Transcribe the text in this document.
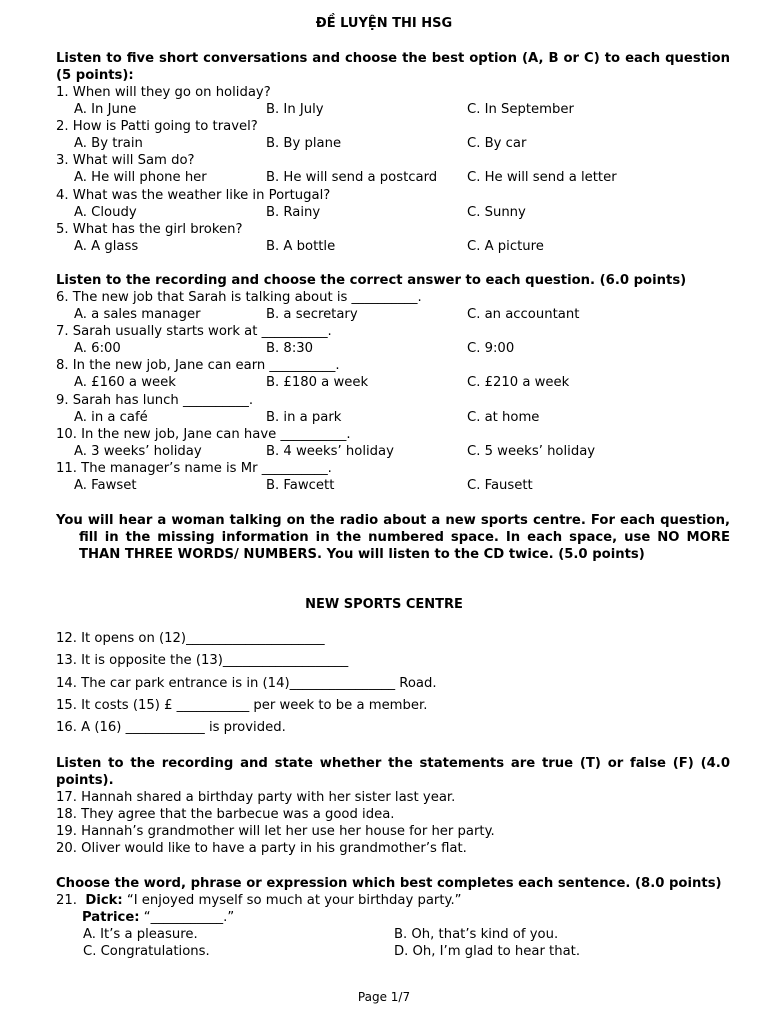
ĐỀ LUYỆN THI HSG
Listen to five short conversations and choose the best option (A, B or C) to each question (5 points):
1. When will they go on holiday?
A. In June	B. In July	C. In September
2. How is Patti going to travel?
A. By train	B. By plane	C. By car
3. What will Sam do?
A. He will phone her	B. He will send a postcard C. He will send a letter
4. What was the weather like in Portugal?
A. Cloudy	B. Rainy	C. Sunny
5. What has the girl broken?
A. A glass	B. A bottle	C. A picture
Listen to the recording and choose the correct answer to each question. (6.0 points)
6. The new job that Sarah is talking about is __________.
A. a sales manager	B. a secretary	C. an accountant
7. Sarah usually starts work at __________.
A. 6:00	B. 8:30	C. 9:00
8. In the new job, Jane can earn __________.
A. £160 a week	B. £180 a week	C. £210 a week
9. Sarah has lunch __________.
A. in a café	B. in a park	C. at home
10. In the new job, Jane can have __________.
A. 3 weeks’ holiday	B. 4 weeks’ holiday	C. 5 weeks’ holiday
11. The manager’s name is Mr __________.
A. Fawset	B. Fawcett	C. Fausett
You will hear a woman talking on the radio about a new sports centre. For each question, fill in the missing information in the numbered space. In each space, use NO MORE THAN THREE WORDS/ NUMBERS. You will listen to the CD twice. (5.0 points)
NEW SPORTS CENTRE
12. It opens on (12)_____________________
13. It is opposite the (13)___________________
14. The car park entrance is in (14)________________ Road.
15. It costs (15) £ ___________ per week to be a member.
16. A (16) ____________ is provided.
Listen to the recording and state whether the statements are true (T) or false (F) (4.0 points).
17. Hannah shared a birthday party with her sister last year.
18. They agree that the barbecue was a good idea.
19. Hannah’s grandmother will let her use her house for her party.
20. Oliver would like to have a party in his grandmother’s flat.
Choose the word, phrase or expression which best completes each sentence. (8.0 points)
21. Dick: “I enjoyed myself so much at your birthday party.”
Patrice: “___________.”
A. It’s a pleasure.	B. Oh, that’s kind of you.
C. Congratulations.	D. Oh, I’m glad to hear that.
Page 1/7
